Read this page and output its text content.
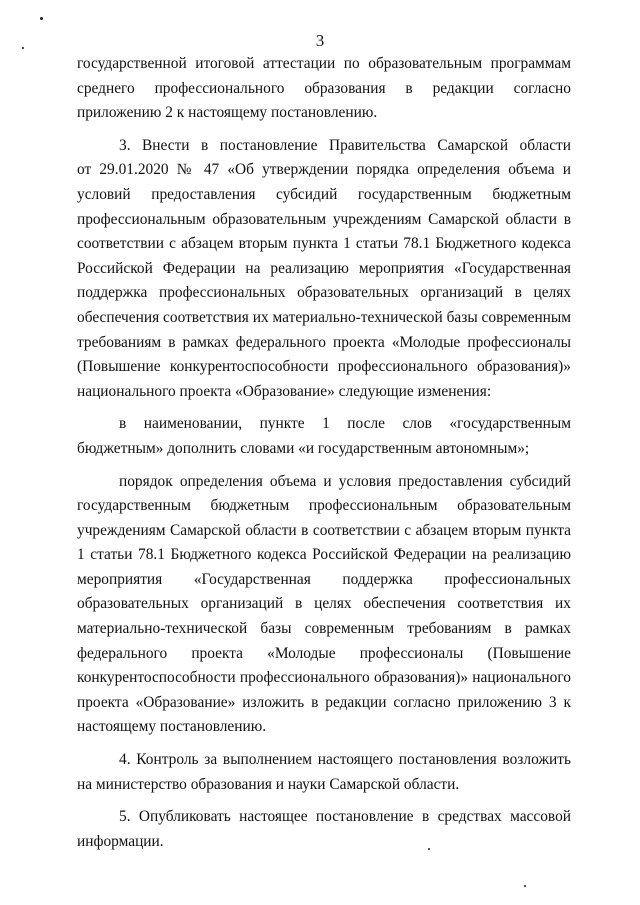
3
государственной итоговой аттестации по образовательным программам
среднего профессионального образования в редакции согласно
приложению 2 к настоящему постановлению.
3. Внести в постановление Правительства Самарской области
от 29.01.2020 № 47 «Об утверждении порядка определения объема и
условий предоставления субсидий государственным бюджетным
профессиональным образовательным учреждениям Самарской области в
соответствии с абзацем вторым пункта 1 статьи 78.1 Бюджетного кодекса
Российской Федерации на реализацию мероприятия «Государственная
поддержка профессиональных образовательных организаций в целях
обеспечения соответствия их материально-технической базы современным
требованиям в рамках федерального проекта «Молодые профессионалы
(Повышение конкурентоспособности профессионального образования)»
национального проекта «Образование» следующие изменения:
в наименовании, пункте 1 после слов «государственным
бюджетным» дополнить словами «и государственным автономным»;
порядок определения объема и условия предоставления субсидий
государственным бюджетным профессиональным образовательным
учреждениям Самарской области в соответствии с абзацем вторым пункта
1 статьи 78.1 Бюджетного кодекса Российской Федерации на реализацию
мероприятия «Государственная поддержка профессиональных
образовательных организаций в целях обеспечения соответствия их
материально-технической базы современным требованиям в рамках
федерального проекта «Молодые профессионалы (Повышение
конкурентоспособности профессионального образования)» национального
проекта «Образование» изложить в редакции согласно приложению 3 к
настоящему постановлению.
4. Контроль за выполнением настоящего постановления возложить
на министерство образования и науки Самарской области.
5. Опубликовать настоящее постановление в средствах массовой
информации.
